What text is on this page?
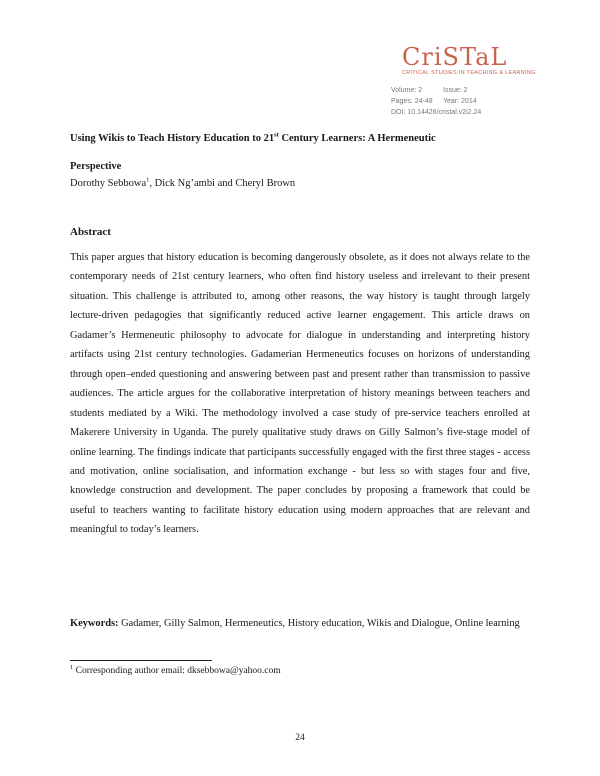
CriSTaL
CRITICAL STUDIES IN TEACHING & LEARNING
Volume: 2	Issue: 2
Pages: 24-48 Year: 2014
DOI: 10.14426/cristal.v2i2.24
Using Wikis to Teach History Education to 21st Century Learners: A Hermeneutic
Perspective
Dorothy Sebbowa$^1$, Dick Ng’ambi and Cheryl Brown
Abstract
This paper argues that history education is becoming dangerously obsolete, as it does not always relate to the contemporary needs of 21st century learners, who often find history useless and irrelevant to their present situation. This challenge is attributed to, among other reasons, the way history is taught through largely lecture-driven pedagogies that significantly reduced active learner engagement. This article draws on Gadamer’s Hermeneutic philosophy to advocate for dialogue in understanding and interpreting history artifacts using 21st century technologies. Gadamerian Hermeneutics focuses on horizons of understanding through open–ended questioning and answering between past and present rather than transmission to passive audiences. The article argues for the collaborative interpretation of history meanings between teachers and students mediated by a Wiki. The methodology involved a case study of pre-service teachers enrolled at Makerere University in Uganda. The purely qualitative study draws on Gilly Salmon’s five-stage model of online learning. The findings indicate that participants successfully engaged with the first three stages - access and motivation, online socialisation, and information exchange - but less so with stages four and five, knowledge construction and development. The paper concludes by proposing a framework that could be useful to teachers wanting to facilitate history education using modern approaches that are relevant and meaningful to today’s learners.
Keywords: Gadamer, Gilly Salmon, Hermeneutics, History education, Wikis and Dialogue, Online learning
$^1$ Corresponding author email: dksebbowa@yahoo.com
24
